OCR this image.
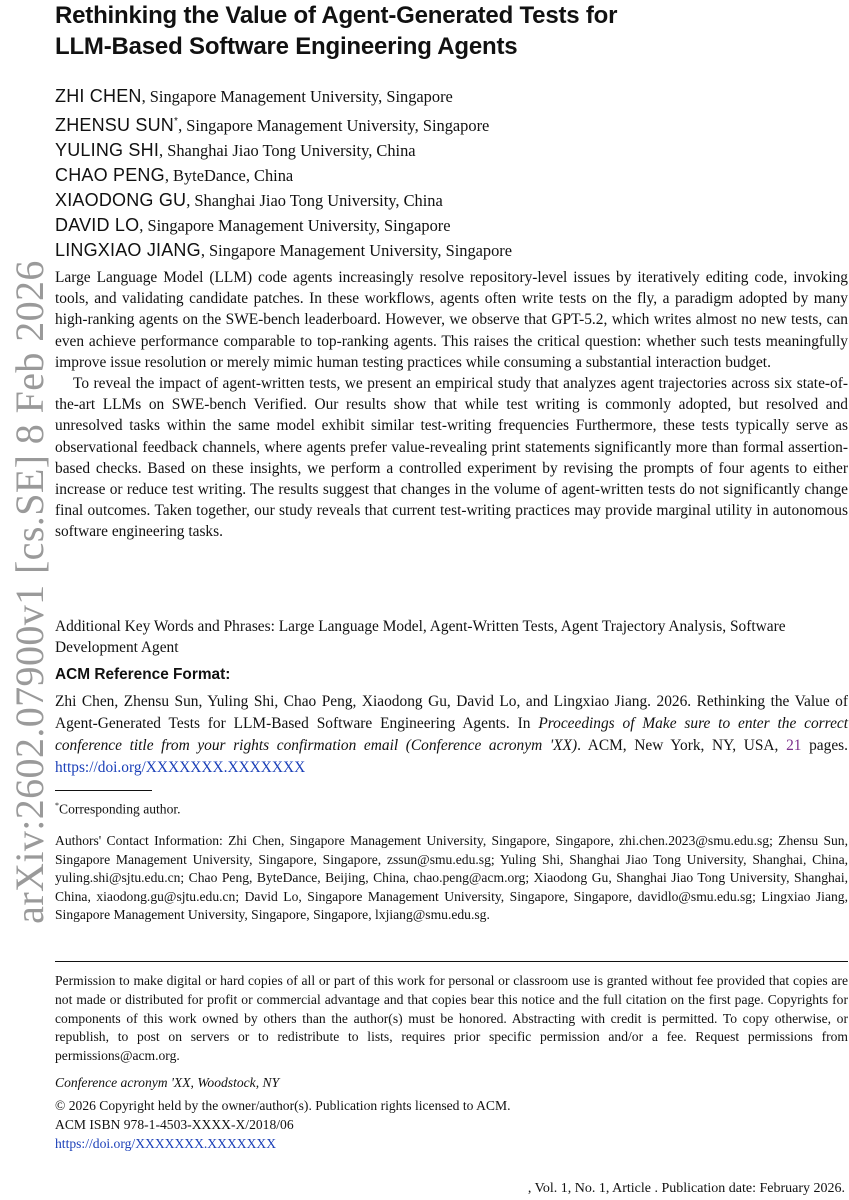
arXiv:2602.07900v1 [cs.SE] 8 Feb 2026
Rethinking the Value of Agent-Generated Tests for
LLM-Based Software Engineering Agents
ZHI CHEN, Singapore Management University, Singapore
ZHENSU SUN*, Singapore Management University, Singapore
YULING SHI, Shanghai Jiao Tong University, China
CHAO PENG, ByteDance, China
XIAODONG GU, Shanghai Jiao Tong University, China
DAVID LO, Singapore Management University, Singapore
LINGXIAO JIANG, Singapore Management University, Singapore

Large Language Model (LLM) code agents increasingly resolve repository-level issues by iteratively editing code, invoking tools, and validating candidate patches. In these workflows, agents often write tests on the fly, a paradigm adopted by many high-ranking agents on the SWE-bench leaderboard. However, we observe that GPT-5.2, which writes almost no new tests, can even achieve performance comparable to top-ranking agents. This raises the critical question: whether such tests meaningfully improve issue resolution or merely mimic human testing practices while consuming a substantial interaction budget.

To reveal the impact of agent-written tests, we present an empirical study that analyzes agent trajectories across six state-of-the-art LLMs on SWE-bench Verified. Our results show that while test writing is commonly adopted, but resolved and unresolved tasks within the same model exhibit similar test-writing frequencies Furthermore, these tests typically serve as observational feedback channels, where agents prefer value-revealing print statements significantly more than formal assertion-based checks. Based on these insights, we perform a controlled experiment by revising the prompts of four agents to either increase or reduce test writing. The results suggest that changes in the volume of agent-written tests do not significantly change final outcomes. Taken together, our study reveals that current test-writing practices may provide marginal utility in autonomous software engineering tasks.

Additional Key Words and Phrases: Large Language Model, Agent-Written Tests, Agent Trajectory Analysis, Software Development Agent
ACM Reference Format:
Zhi Chen, Zhensu Sun, Yuling Shi, Chao Peng, Xiaodong Gu, David Lo, and Lingxiao Jiang. 2026. Rethinking the Value of Agent-Generated Tests for LLM-Based Software Engineering Agents. In Proceedings of Make sure to enter the correct conference title from your rights confirmation email (Conference acronym 'XX). ACM, New York, NY, USA, 21 pages. https://doi.org/XXXXXXX.XXXXXXX
*Corresponding author.
Authors' Contact Information: Zhi Chen, Singapore Management University, Singapore, Singapore, zhi.chen.2023@smu.edu.sg; Zhensu Sun, Singapore Management University, Singapore, Singapore, zssun@smu.edu.sg; Yuling Shi, Shanghai Jiao Tong University, Shanghai, China, yuling.shi@sjtu.edu.cn; Chao Peng, ByteDance, Beijing, China, chao.peng@acm.org; Xiaodong Gu, Shanghai Jiao Tong University, Shanghai, China, xiaodong.gu@sjtu.edu.cn; David Lo, Singapore Management University, Singapore, Singapore, davidlo@smu.edu.sg; Lingxiao Jiang, Singapore Management University, Singapore, Singapore, lxjiang@smu.edu.sg.
Permission to make digital or hard copies of all or part of this work for personal or classroom use is granted without fee provided that copies are not made or distributed for profit or commercial advantage and that copies bear this notice and the full citation on the first page. Copyrights for components of this work owned by others than the author(s) must be honored. Abstracting with credit is permitted. To copy otherwise, or republish, to post on servers or to redistribute to lists, requires prior specific permission and/or a fee. Request permissions from permissions@acm.org.
Conference acronym 'XX, Woodstock, NY
© 2026 Copyright held by the owner/author(s). Publication rights licensed to ACM.
ACM ISBN 978-1-4503-XXXX-X/2018/06
https://doi.org/XXXXXXX.XXXXXXX
, Vol. 1, No. 1, Article . Publication date: February 2026.
